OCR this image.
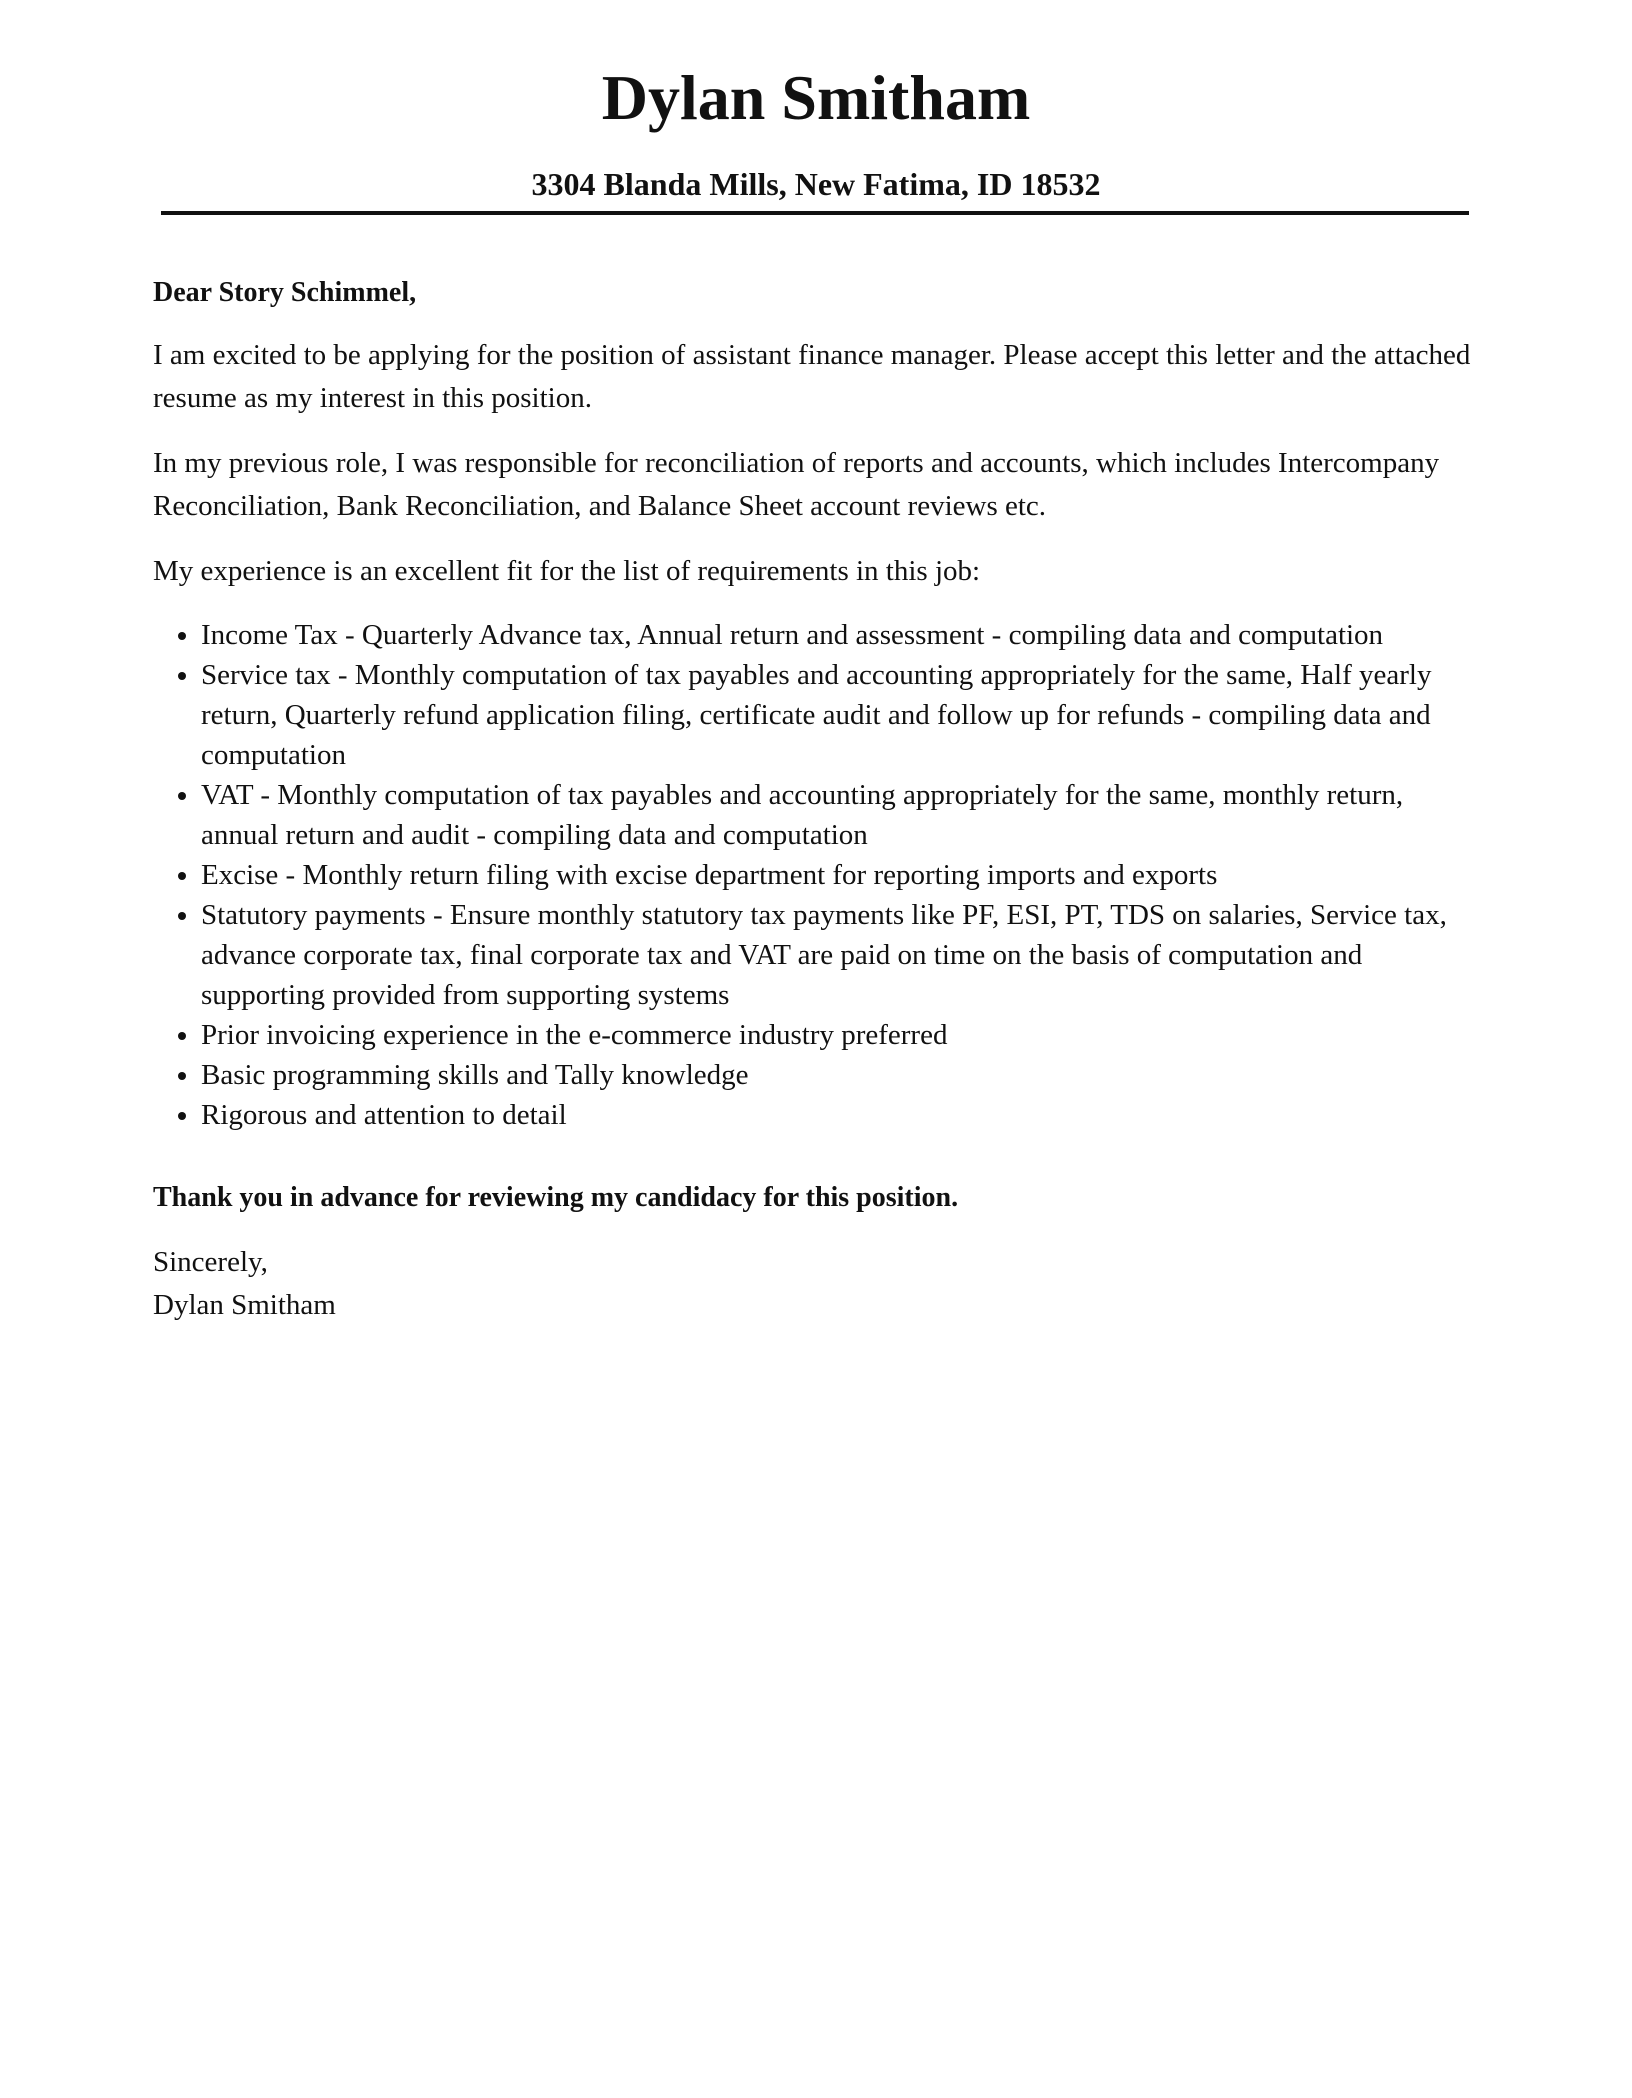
Dylan Smitham
3304 Blanda Mills, New Fatima, ID 18532

Dear Story Schimmel,

I am excited to be applying for the position of assistant finance manager. Please accept this letter and the attached resume as my interest in this position.

In my previous role, I was responsible for reconciliation of reports and accounts, which includes Intercompany Reconciliation, Bank Reconciliation, and Balance Sheet account reviews etc.

My experience is an excellent fit for the list of requirements in this job:

• Income Tax - Quarterly Advance tax, Annual return and assessment - compiling data and computation
• Service tax - Monthly computation of tax payables and accounting appropriately for the same, Half yearly return, Quarterly refund application filing, certificate audit and follow up for refunds - compiling data and computation
• VAT - Monthly computation of tax payables and accounting appropriately for the same, monthly return, annual return and audit - compiling data and computation
• Excise - Monthly return filing with excise department for reporting imports and exports
• Statutory payments - Ensure monthly statutory tax payments like PF, ESI, PT, TDS on salaries, Service tax, advance corporate tax, final corporate tax and VAT are paid on time on the basis of computation and supporting provided from supporting systems
• Prior invoicing experience in the e-commerce industry preferred
• Basic programming skills and Tally knowledge
• Rigorous and attention to detail

Thank you in advance for reviewing my candidacy for this position.

Sincerely,

Dylan Smitham
